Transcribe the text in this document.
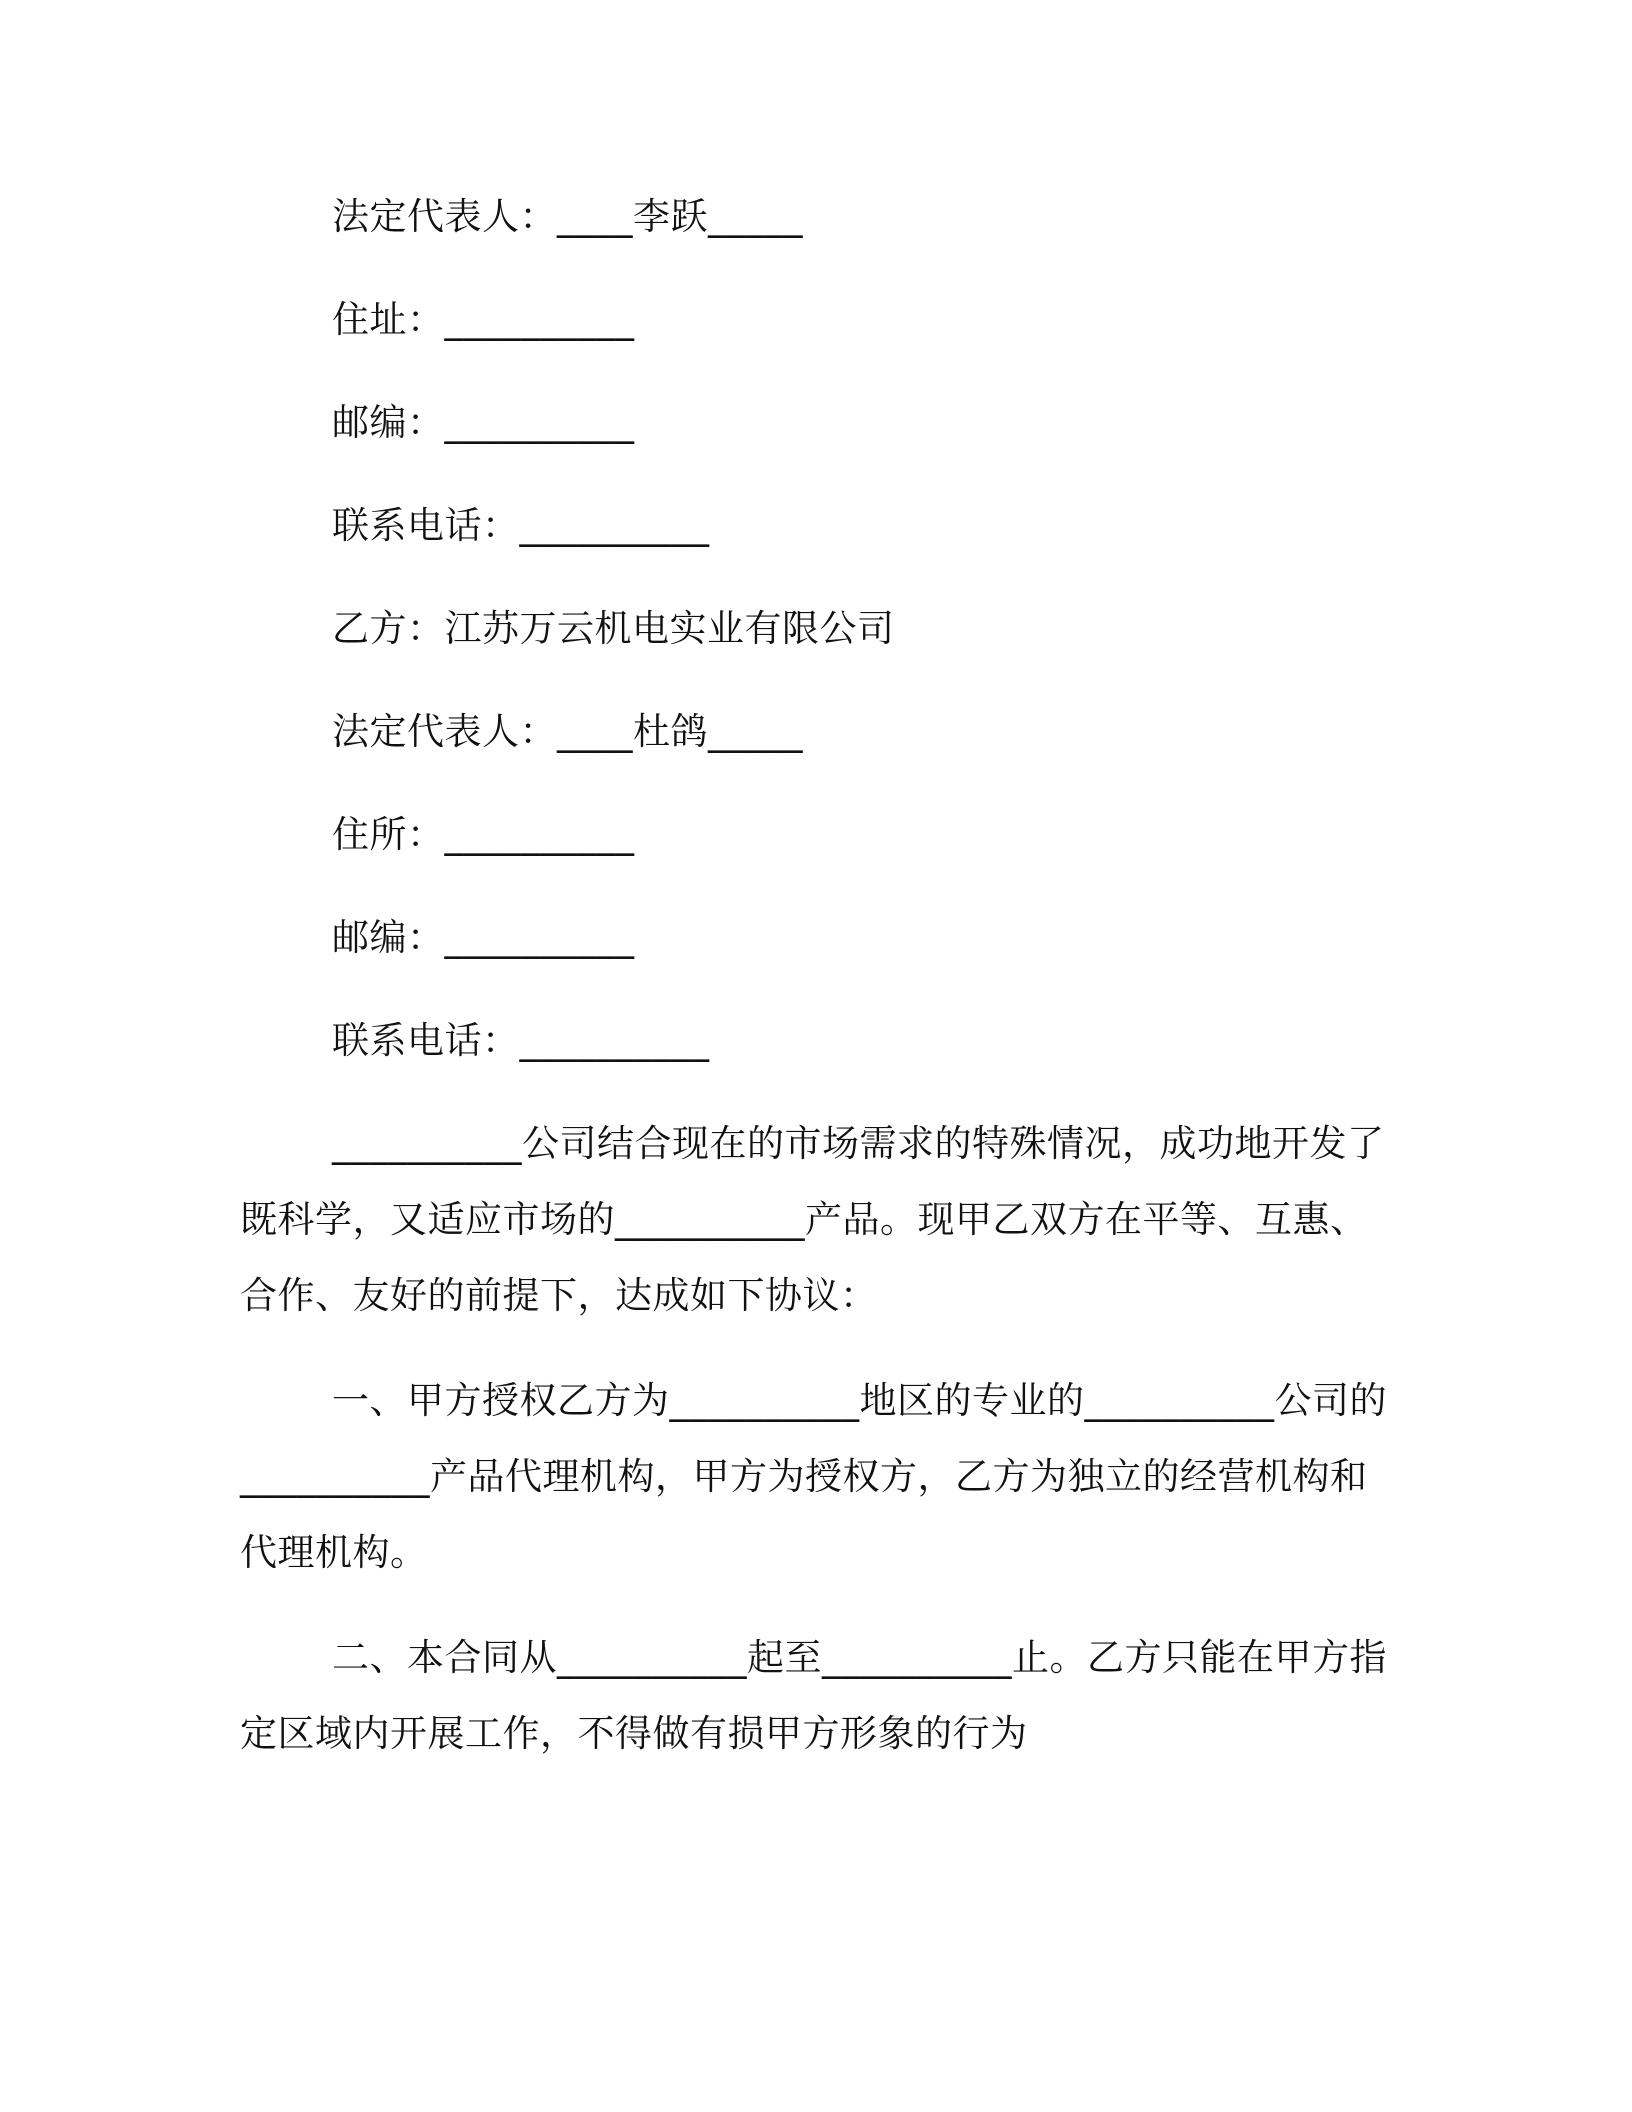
法定代表人：____李跃_____
住址：__________
邮编：__________
联系电话：__________
乙方：江苏万云机电实业有限公司
法定代表人：____杜鸽_____
住所：__________
邮编：__________
联系电话：__________
__________公司结合现在的市场需求的特殊情况，成功地开发了
既科学，又适应市场的__________产品。现甲乙双方在平等、互惠、
合作、友好的前提下，达成如下协议：
一、甲方授权乙方为__________地区的专业的__________公司的
__________产品代理机构，甲方为授权方，乙方为独立的经营机构和
代理机构。
二、本合同从__________起至__________止。乙方只能在甲方指
定区域内开展工作，不得做有损甲方形象的行为
